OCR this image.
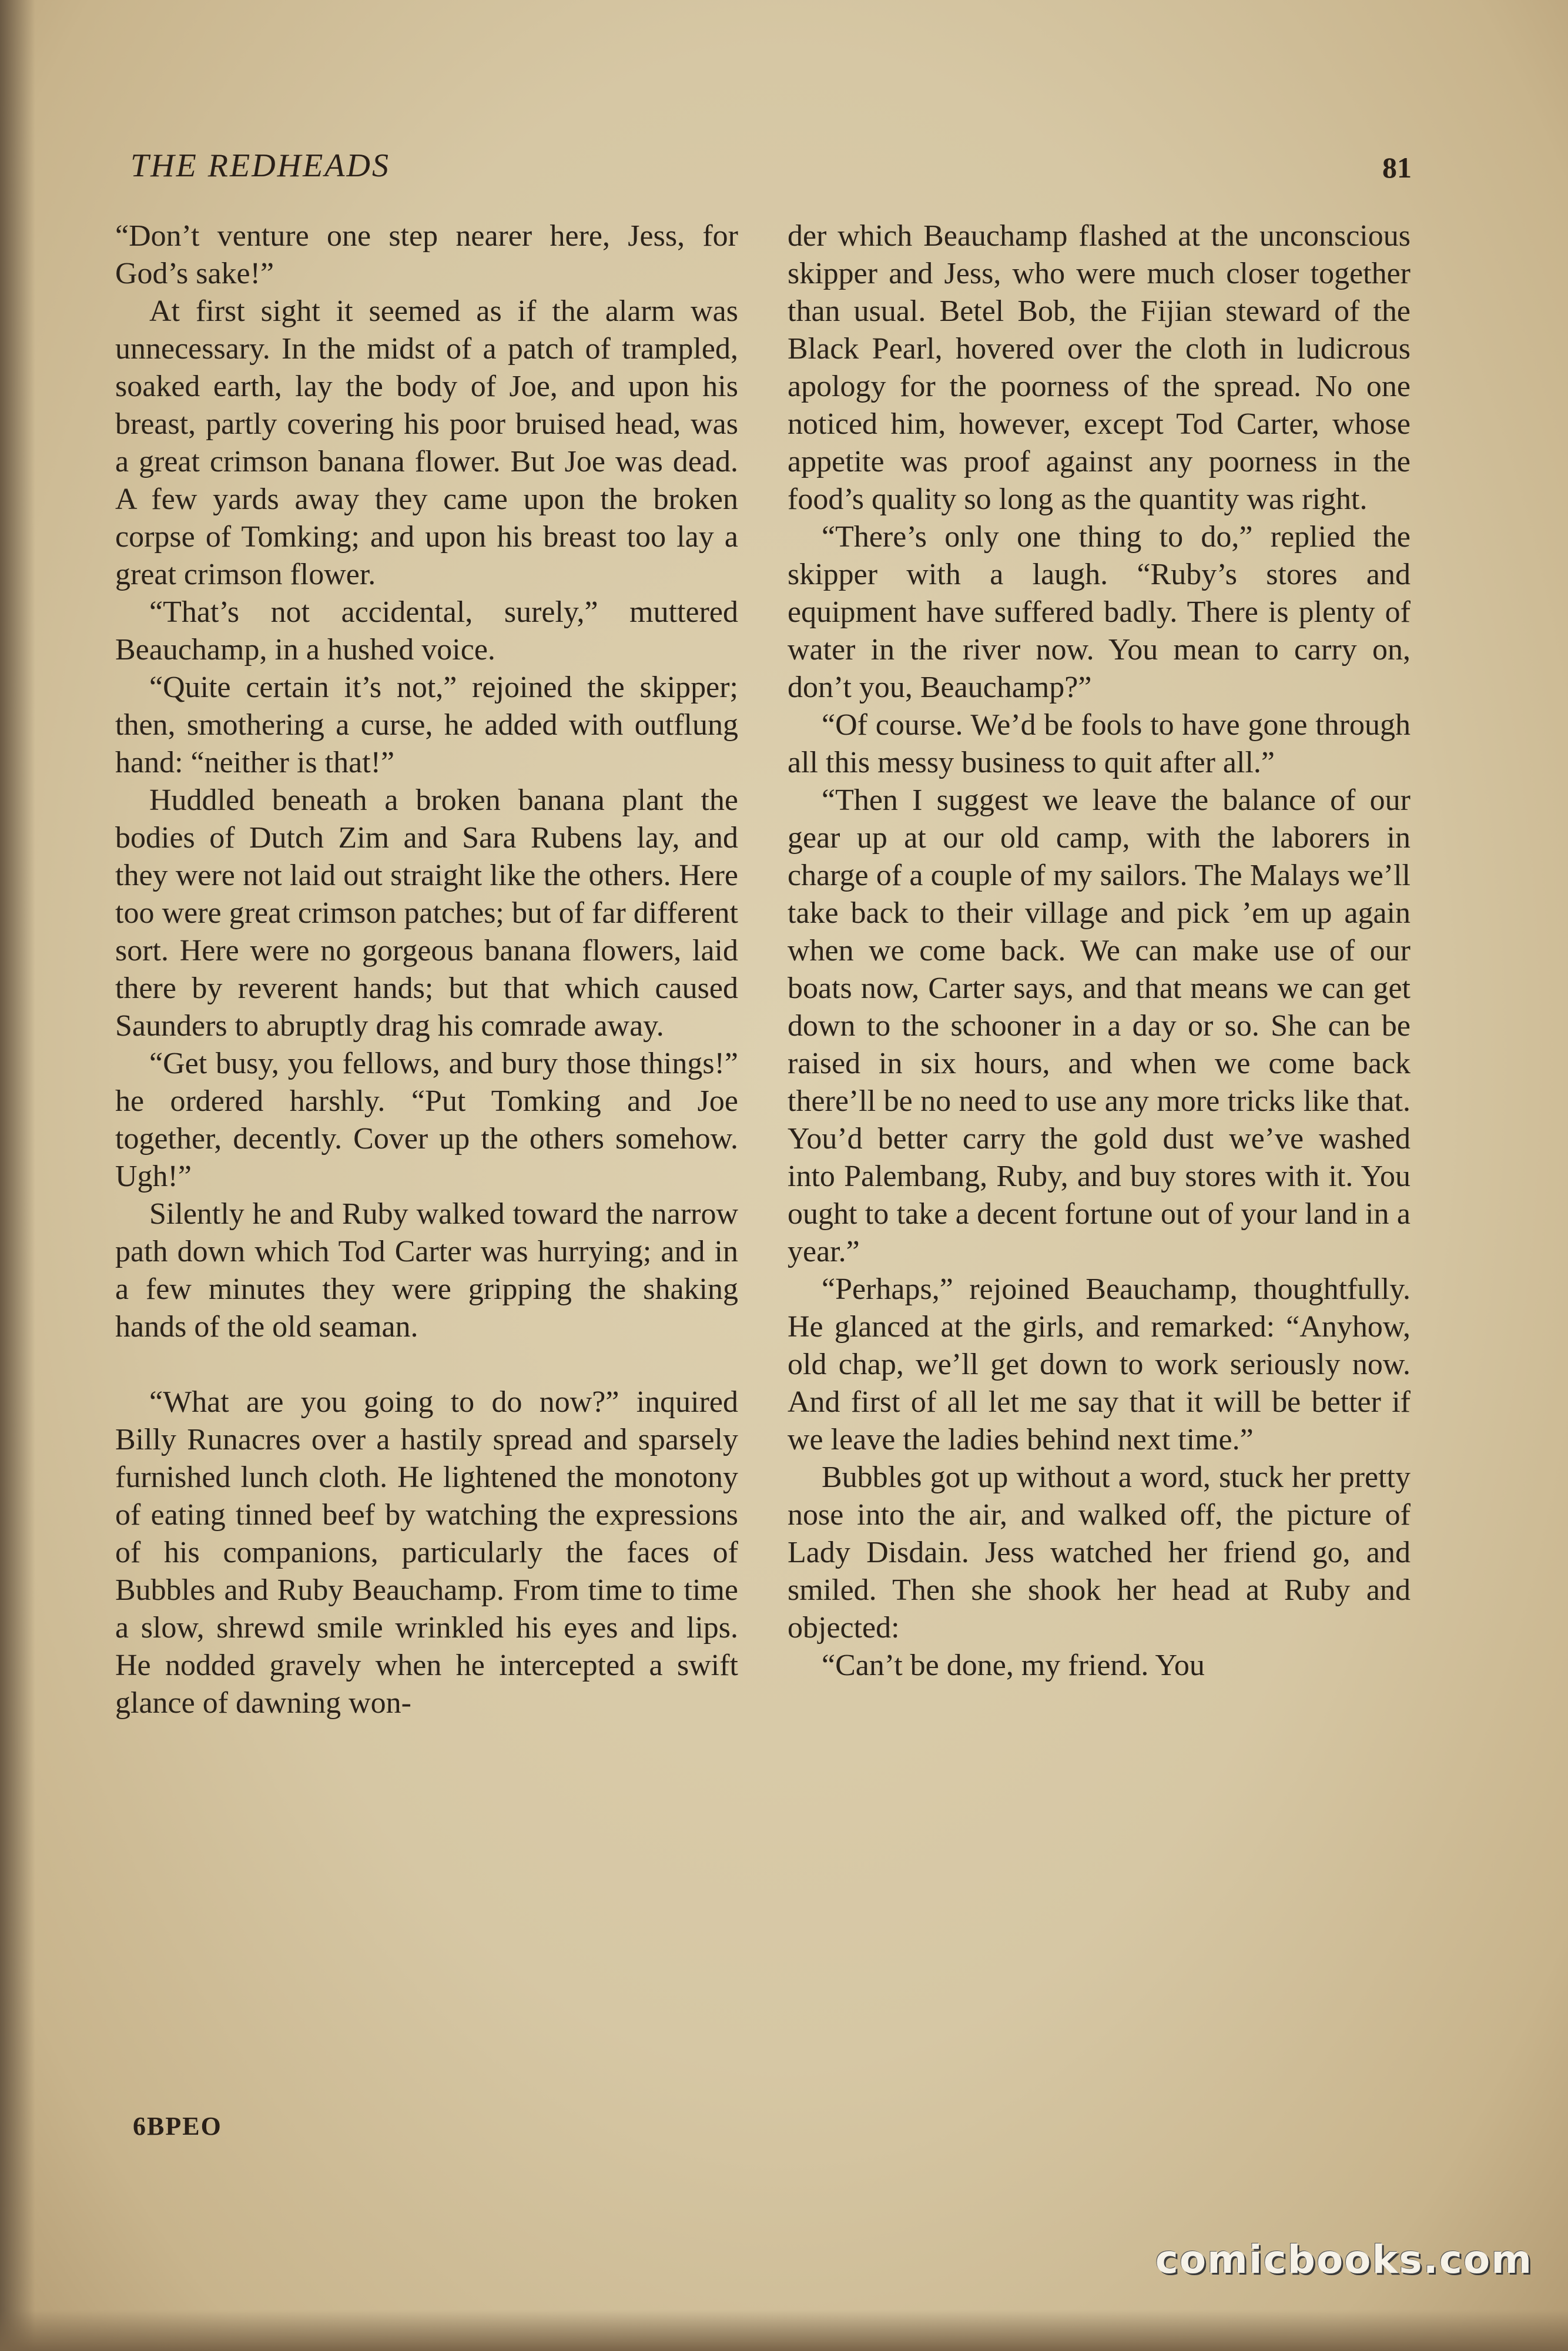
THE REDHEADS	81

“Don’t venture one step nearer here, Jess, for God’s sake!”

At first sight it seemed as if the alarm was unnecessary. In the midst of a patch of trampled, soaked earth, lay the body of Joe, and upon his breast, partly covering his poor bruised head, was a great crimson banana flower. But Joe was dead. A few yards away they came upon the broken corpse of Tomking; and upon his breast too lay a great crimson flower.

“That’s not accidental, surely,” muttered Beauchamp, in a hushed voice.

“Quite certain it’s not,” rejoined the skipper; then, smothering a curse, he added with outflung hand: “neither is that!”

Huddled beneath a broken banana plant the bodies of Dutch Zim and Sara Rubens lay, and they were not laid out straight like the others. Here too were great crimson patches; but of far different sort. Here were no gorgeous banana flowers, laid there by reverent hands; but that which caused Saunders to abruptly drag his comrade away.

“Get busy, you fellows, and bury those things!” he ordered harshly. “Put Tomking and Joe together, decently. Cover up the others somehow. Ugh!”

Silently he and Ruby walked toward the narrow path down which Tod Carter was hurrying; and in a few minutes they were gripping the shaking hands of the old seaman.

“What are you going to do now?” inquired Billy Runacres over a hastily spread and sparsely furnished lunch cloth. He lightened the monotony of eating tinned beef by watching the expressions of his companions, particularly the faces of Bubbles and Ruby Beauchamp. From time to time a slow, shrewd smile wrinkled his eyes and lips. He nodded gravely when he intercepted a swift glance of dawning won-

der which Beauchamp flashed at the unconscious skipper and Jess, who were much closer together than usual. Betel Bob, the Fijian steward of the Black Pearl, hovered over the cloth in ludicrous apology for the poorness of the spread. No one noticed him, however, except Tod Carter, whose appetite was proof against any poorness in the food’s quality so long as the quantity was right.

“There’s only one thing to do,” replied the skipper with a laugh. “Ruby’s stores and equipment have suffered badly. There is plenty of water in the river now. You mean to carry on, don’t you, Beauchamp?”

“Of course. We’d be fools to have gone through all this messy business to quit after all.”

“Then I suggest we leave the balance of our gear up at our old camp, with the laborers in charge of a couple of my sailors. The Malays we’ll take back to their village and pick ’em up again when we come back. We can make use of our boats now, Carter says, and that means we can get down to the schooner in a day or so. She can be raised in six hours, and when we come back there’ll be no need to use any more tricks like that. You’d better carry the gold dust we’ve washed into Palembang, Ruby, and buy stores with it. You ought to take a decent fortune out of your land in a year.”

“Perhaps,” rejoined Beauchamp, thoughtfully. He glanced at the girls, and remarked: “Anyhow, old chap, we’ll get down to work seriously now. And first of all let me say that it will be better if we leave the ladies behind next time.”

Bubbles got up without a word, stuck her pretty nose into the air, and walked off, the picture of Lady Disdain. Jess watched her friend go, and smiled. Then she shook her head at Ruby and objected:

“Can’t be done, my friend. You

6BPEO
comicbooks.com
